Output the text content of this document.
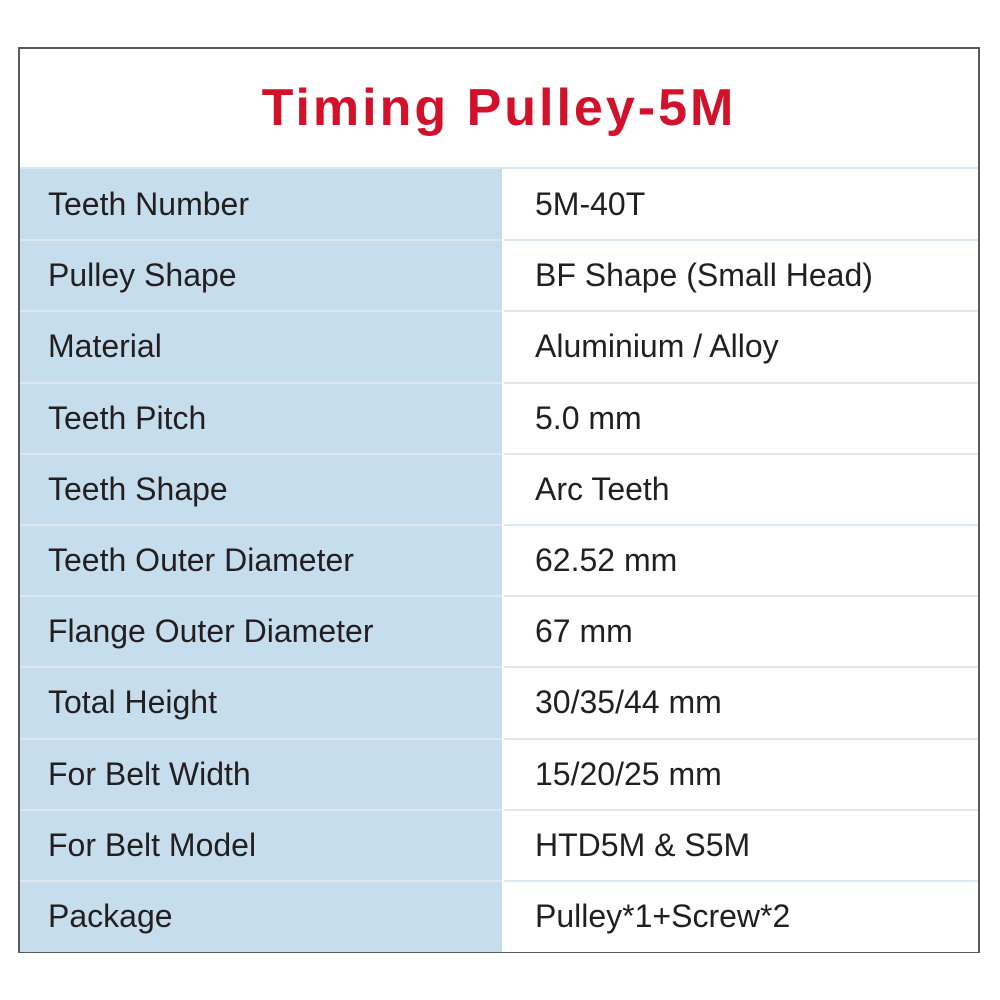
Timing Pulley-5M
Teeth Number	5M-40T
Pulley Shape	BF Shape (Small Head)
Material	Aluminium / Alloy
Teeth Pitch	5.0 mm
Teeth Shape	Arc Teeth
Teeth Outer Diameter	62.52 mm
Flange Outer Diameter	67 mm
Total Height	30/35/44 mm
For Belt Width	15/20/25 mm
For Belt Model	HTD5M & S5M
Package	Pulley*1+Screw*2
